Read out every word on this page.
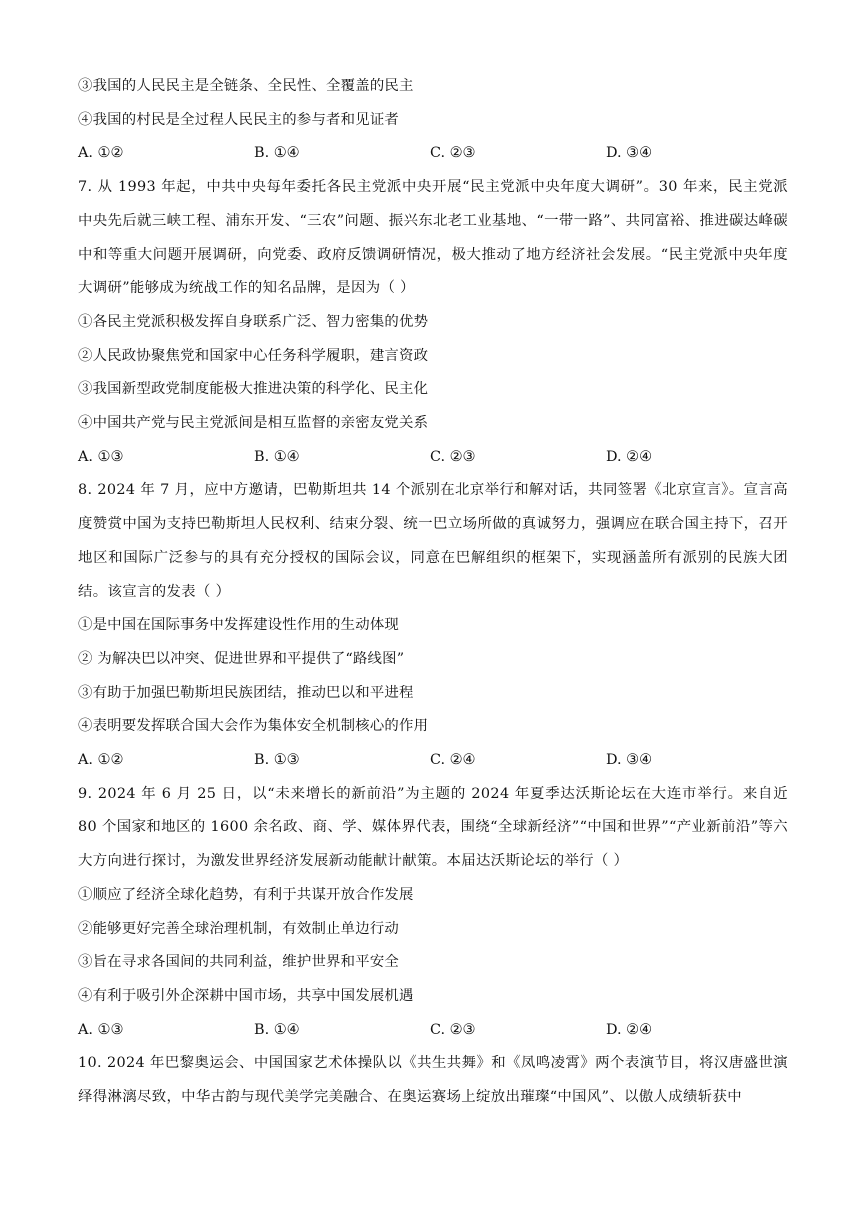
③我国的人民民主是全链条、全民性、全覆盖的民主
④我国的村民是全过程人民民主的参与者和见证者
A. ①②	B. ①④	C. ②③	D. ③④
7. 从 1993 年起，中共中央每年委托各民主党派中央开展“民主党派中央年度大调研”。30 年来，民主党派中央先后就三峡工程、浦东开发、“三农”问题、振兴东北老工业基地、“一带一路”、共同富裕、推进碳达峰碳中和等重大问题开展调研，向党委、政府反馈调研情况，极大推动了地方经济社会发展。“民主党派中央年度大调研”能够成为统战工作的知名品牌，是因为（ ）
①各民主党派积极发挥自身联系广泛、智力密集的优势
②人民政协聚焦党和国家中心任务科学履职，建言资政
③我国新型政党制度能极大推进决策的科学化、民主化
④中国共产党与民主党派间是相互监督的亲密友党关系
A. ①③	B. ①④	C. ②③	D. ②④
8. 2024 年 7 月，应中方邀请，巴勒斯坦共 14 个派别在北京举行和解对话，共同签署《北京宣言》。宣言高度赞赏中国为支持巴勒斯坦人民权利、结束分裂、统一巴立场所做的真诚努力，强调应在联合国主持下，召开地区和国际广泛参与的具有充分授权的国际会议，同意在巴解组织的框架下，实现涵盖所有派别的民族大团结。该宣言的发表（ ）
①是中国在国际事务中发挥建设性作用的生动体现
② 为解决巴以冲突、促进世界和平提供了“路线图”
③有助于加强巴勒斯坦民族团结，推动巴以和平进程
④表明要发挥联合国大会作为集体安全机制核心的作用
A. ①②	B. ①③	C. ②④	D. ③④
9. 2024 年 6 月 25 日，以“未来增长的新前沿”为主题的 2024 年夏季达沃斯论坛在大连市举行。来自近 80 个国家和地区的 1600 余名政、商、学、媒体界代表，围绕“全球新经济”“中国和世界”“产业新前沿”等六大方向进行探讨，为激发世界经济发展新动能献计献策。本届达沃斯论坛的举行（ ）
①顺应了经济全球化趋势，有利于共谋开放合作发展
②能够更好完善全球治理机制，有效制止单边行动
③旨在寻求各国间的共同利益，维护世界和平安全
④有利于吸引外企深耕中国市场，共享中国发展机遇
A. ①③	B. ①④	C. ②③	D. ②④
10. 2024 年巴黎奥运会、中国国家艺术体操队以《共生共舞》和《凤鸣凌霄》两个表演节目，将汉唐盛世演绎得淋漓尽致，中华古韵与现代美学完美融合、在奥运赛场上绽放出璀璨“中国风”、以傲人成绩斩获中
